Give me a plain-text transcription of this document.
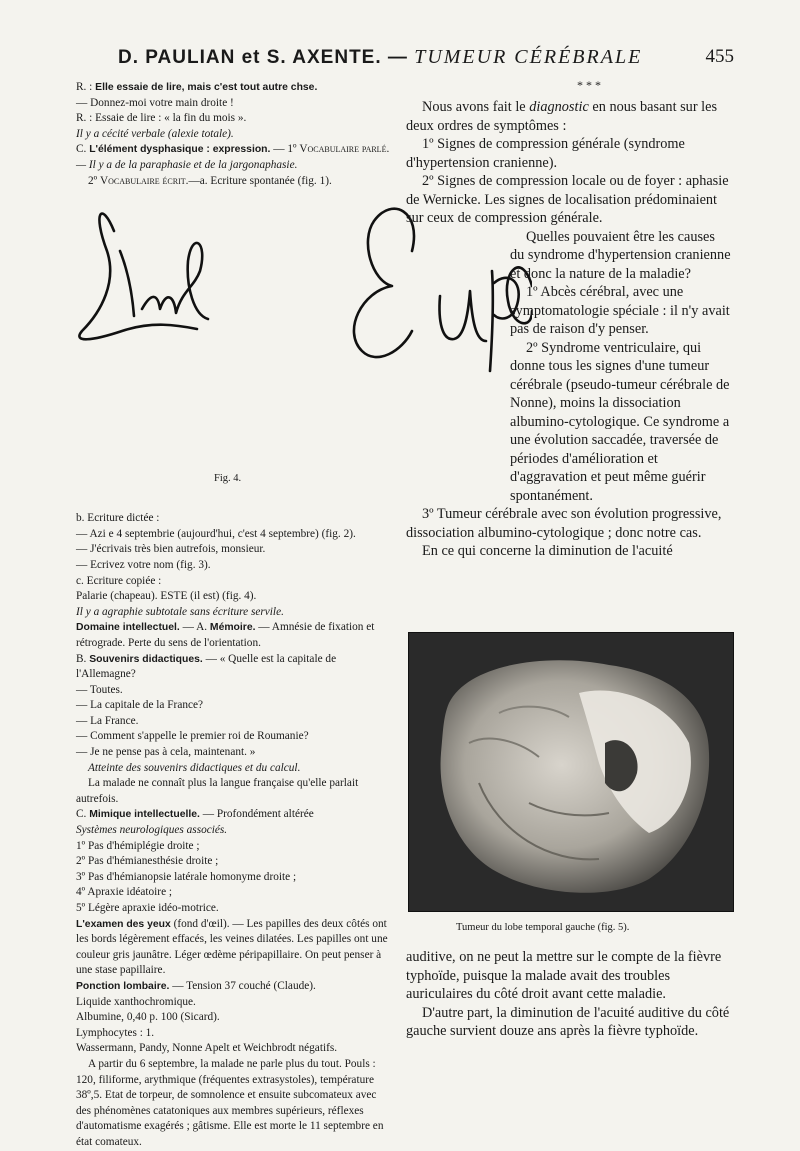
D. PAULIAN et S. AXENTE. — TUMEUR CÉRÉBRALE	455

R. : Elle essaie de lire, mais c'est tout autre chse.

— Donnez-moi votre main droite !

R. : Essaie de lire : « la fin du mois ».

Il y a cécité verbale (alexie totale).

C. L'élément dysphasique : expression. — 1º Vocabulaire parlé. — Il y a de la paraphasie et de la jargonaphasie.

2º Vocabulaire écrit.—a. Ecriture spontanée (fig. 1).

Eupe
Fig. 4.

b. Ecriture dictée :

— Azi e 4 septembrie (aujourd'hui, c'est 4 septembre) (fig. 2).

— J'écrivais très bien autrefois, monsieur.

— Ecrivez votre nom (fig. 3).

c. Ecriture copiée :

Palarie (chapeau). ESTE (il est) (fig. 4).

Il y a agraphie subtotale sans écriture servile.

Domaine intellectuel. — A. Mémoire. — Amnésie de fixation et rétrograde. Perte du sens de l'orientation.

B. Souvenirs didactiques. — « Quelle est la capitale de l'Allemagne?

— Toutes.

— La capitale de la France?

— La France.

— Comment s'appelle le premier roi de Roumanie?

— Je ne pense pas à cela, maintenant. »

Atteinte des souvenirs didactiques et du calcul.

La malade ne connaît plus la langue française qu'elle parlait autrefois.

C. Mimique intellectuelle. — Profondément altérée

Systèmes neurologiques associés.

1º Pas d'hémiplégie droite ;

2º Pas d'hémianesthésie droite ;

3º Pas d'hémianopsie latérale homonyme droite ;

4º Apraxie idéatoire ;

5º Légère apraxie idéo-motrice.

L'examen des yeux (fond d'œil). — Les papilles des deux côtés ont les bords légèrement effacés, les veines dilatées. Les papilles ont une couleur gris jaunâtre. Léger œdème péripapillaire. On peut penser à une stase papillaire.

Ponction lombaire. — Tension 37 couché (Claude).

Liquide xanthochromique.

Albumine, 0,40 p. 100 (Sicard).

Lymphocytes : 1.

Wassermann, Pandy, Nonne Apelt et Weichbrodt négatifs.

A partir du 6 septembre, la malade ne parle plus du tout. Pouls : 120, filiforme, arythmique (fréquentes extrasystoles), température 38º,5. Etat de torpeur, de somnolence et ensuite subcomateux avec des phénomènes catatoniques aux membres supérieurs, réflexes d'automatisme exagérés ; gâtisme. Elle est morte le 11 septembre en état comateux.

* * *

Nous avons fait le diagnostic en nous basant sur les deux ordres de symptômes :

1º Signes de compression générale (syndrome d'hypertension cranienne).

2º Signes de compression locale ou de foyer : aphasie de Wernicke. Les signes de localisation prédominaient sur ceux de compression générale.

Quelles pouvaient être les causes du syndrome d'hypertension cranienne et donc la nature de la maladie?

1º Abcès cérébral, avec une symptomatologie spéciale : il n'y avait pas de raison d'y penser.

2º Syndrome ventriculaire, qui donne tous les signes d'une tumeur cérébrale (pseudo-tumeur cérébrale de Nonne), moins la dissociation albumino-cytologique. Ce syndrome a une évolution saccadée, traversée de périodes d'amélioration et d'aggravation et peut même guérir spontanément.

3º Tumeur cérébrale avec son évolution progressive, dissociation albumino-cytologique ; donc notre cas.

En ce qui concerne la diminution de l'acuité

Tumeur du lobe temporal gauche (fig. 5).

auditive, on ne peut la mettre sur le compte de la fièvre typhoïde, puisque la malade avait des troubles auriculaires du côté droit avant cette maladie.

D'autre part, la diminution de l'acuité auditive du côté gauche survient douze ans après la fièvre typhoïde.
